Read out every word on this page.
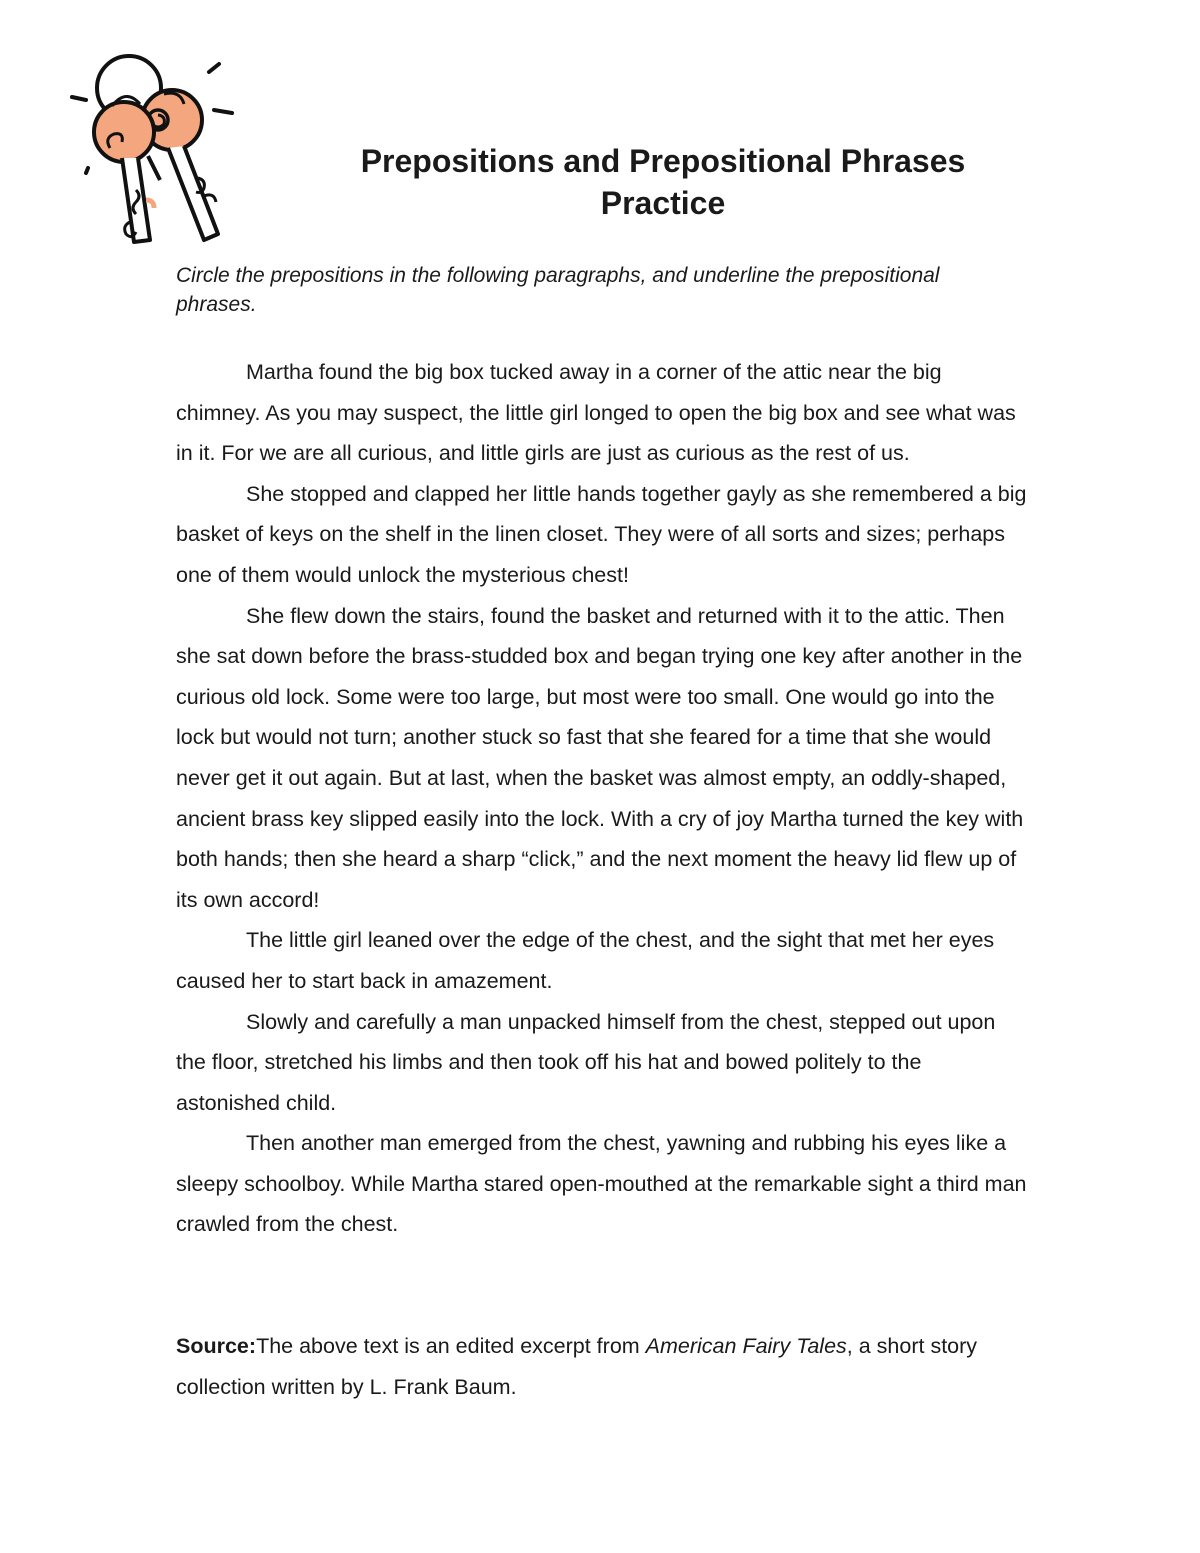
Prepositions and Prepositional Phrases
Practice

Circle the prepositions in the following paragraphs, and underline the prepositional phrases.

Martha found the big box tucked away in a corner of the attic near the big chimney. As you may suspect, the little girl longed to open the big box and see what was in it. For we are all curious, and little girls are just as curious as the rest of us.

She stopped and clapped her little hands together gayly as she remembered a big basket of keys on the shelf in the linen closet. They were of all sorts and sizes; perhaps one of them would unlock the mysterious chest!

She flew down the stairs, found the basket and returned with it to the attic. Then she sat down before the brass-studded box and began trying one key after another in the curious old lock. Some were too large, but most were too small. One would go into the lock but would not turn; another stuck so fast that she feared for a time that she would never get it out again. But at last, when the basket was almost empty, an oddly-shaped, ancient brass key slipped easily into the lock. With a cry of joy Martha turned the key with both hands; then she heard a sharp “click,” and the next moment the heavy lid flew up of its own accord!

The little girl leaned over the edge of the chest, and the sight that met her eyes caused her to start back in amazement.

Slowly and carefully a man unpacked himself from the chest, stepped out upon the floor, stretched his limbs and then took off his hat and bowed politely to the astonished child.

Then another man emerged from the chest, yawning and rubbing his eyes like a sleepy schoolboy. While Martha stared open-mouthed at the remarkable sight a third man crawled from the chest.

Source:The above text is an edited excerpt from American Fairy Tales, a short story collection written by L. Frank Baum.
